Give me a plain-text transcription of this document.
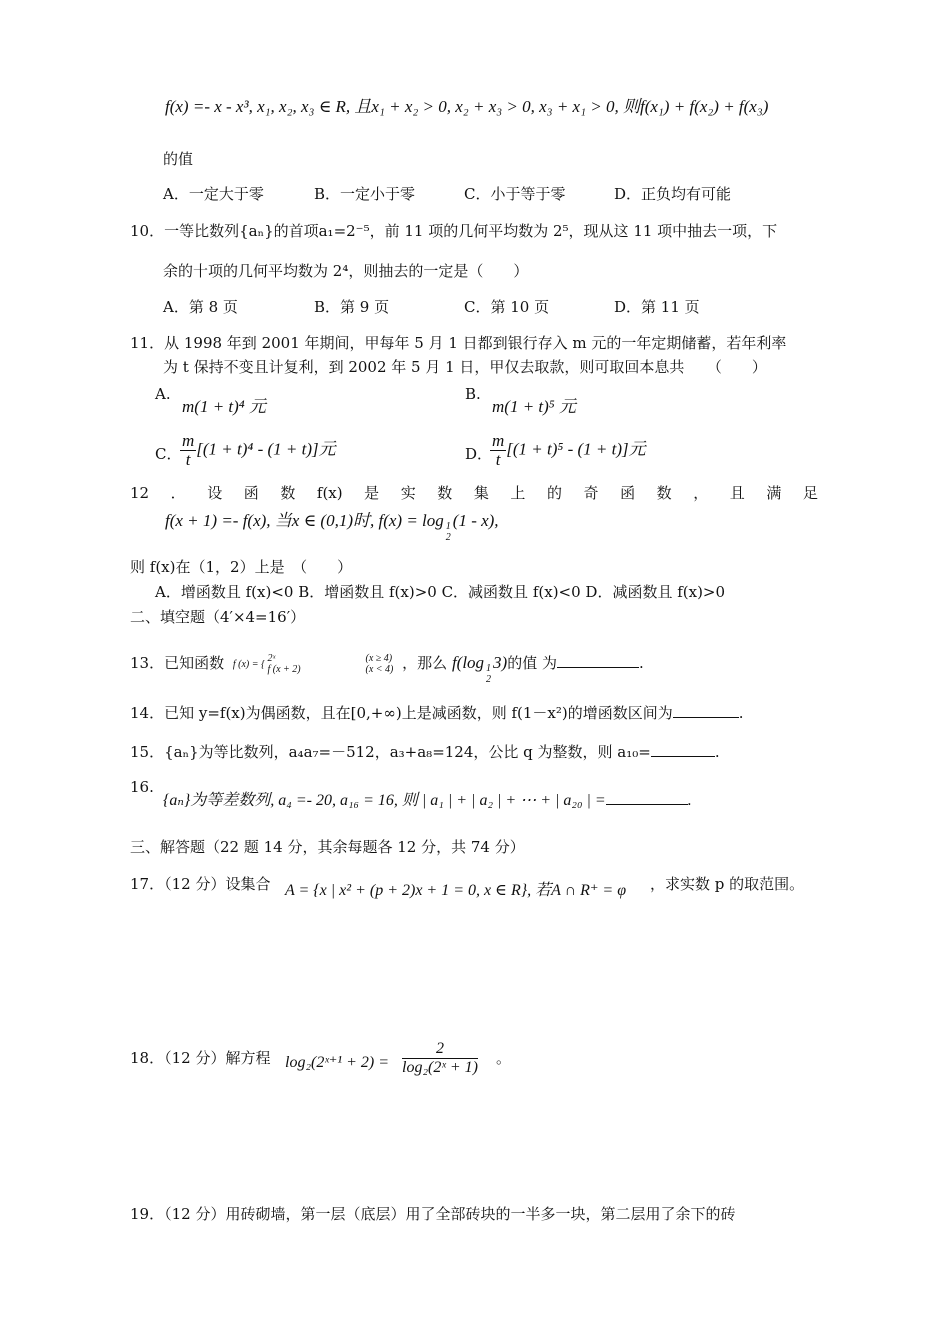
f(x) =- x - x³, x₁, x₂, x₃ ∈ R, 且x₁ + x₂ > 0, x₂ + x₃ > 0, x₃ + x₁ > 0, 则f(x₁) + f(x₂) + f(x₃)
的值
A．一定大于零	B．一定小于零	C．小于等于零	D．正负均有可能
10．一等比数列{aₙ}的首项a₁=2⁻⁵，前 11 项的几何平均数为 2⁵，现从这 11 项中抽去一项，下
余的十项的几何平均数为 2⁴，则抽去的一定是（　　）
A．第 8 页	B．第 9 页	C．第 10 页	D．第 11 页
11．从 1998 年到 2001 年期间，甲每年 5 月 1 日都到银行存入 m 元的一年定期储蓄，若年利率
为 t 保持不变且计复利，到 2002 年 5 月 1 日，甲仅去取款，则可取回本息共　　（　　）
A.
m(1 + t)⁴ 元
B.
m(1 + t)⁵ 元
C．
$\frac{m}{t} [(1 + t)^4 - (1 + t)]$元	D．
$\frac{m}{t} [(1 + t)^5 - (1 + t)]$元
12 ． 设 函 数 f(x) 是 实 数 集 上 的 奇 函 数 ， 且 满 足
f(x + 1) =- f(x), 当x ∈ (0,1)时, f(x) = log 1
2
(1 - x),
则 f(x)在（1，2）上是　（　　）
A．增函数且 f(x)<0 B．增函数且 f(x)>0 C．减函数且 f(x)<0 D．减函数且 f(x)>0
二、填空题（4′×4=16′）
13．已知函数 f (x) = { 2ˣ	(x ≥ 4)
f (x + 2)	(x < 4) ，那么 f(log 1
2
3)的值 为	.
14．已知 y=f(x)为偶函数，且在[0,+∞)上是减函数，则 f(1－x²)的增函数区间为	.
15．{aₙ}为等比数列，a₄a₇=－512，a₃+a₈=124，公比 q 为整数，则 a₁₀=	.
16.
{aₙ}为等差数列, a₄ =- 20, a₁₆ = 16, 则 | a₁ | + | a₂ | + ⋯ + | a₂₀ | =	.
三、解答题（22 题 14 分，其余每题各 12 分，共 74 分）
17．（12 分）设集合 A = {x | x² + (p + 2)x + 1 = 0, x ∈ R}, 若A ∩ R⁺ = φ ，求实数 p 的取范围。
18．（12 分）解方程 log₂(2ˣ⁺¹ + $2) = \frac{2}{\text{log₂(2ˣ + 1)}}$ 。
19．（12 分）用砖砌墙，第一层（底层）用了全部砖块的一半多一块，第二层用了余下的砖
